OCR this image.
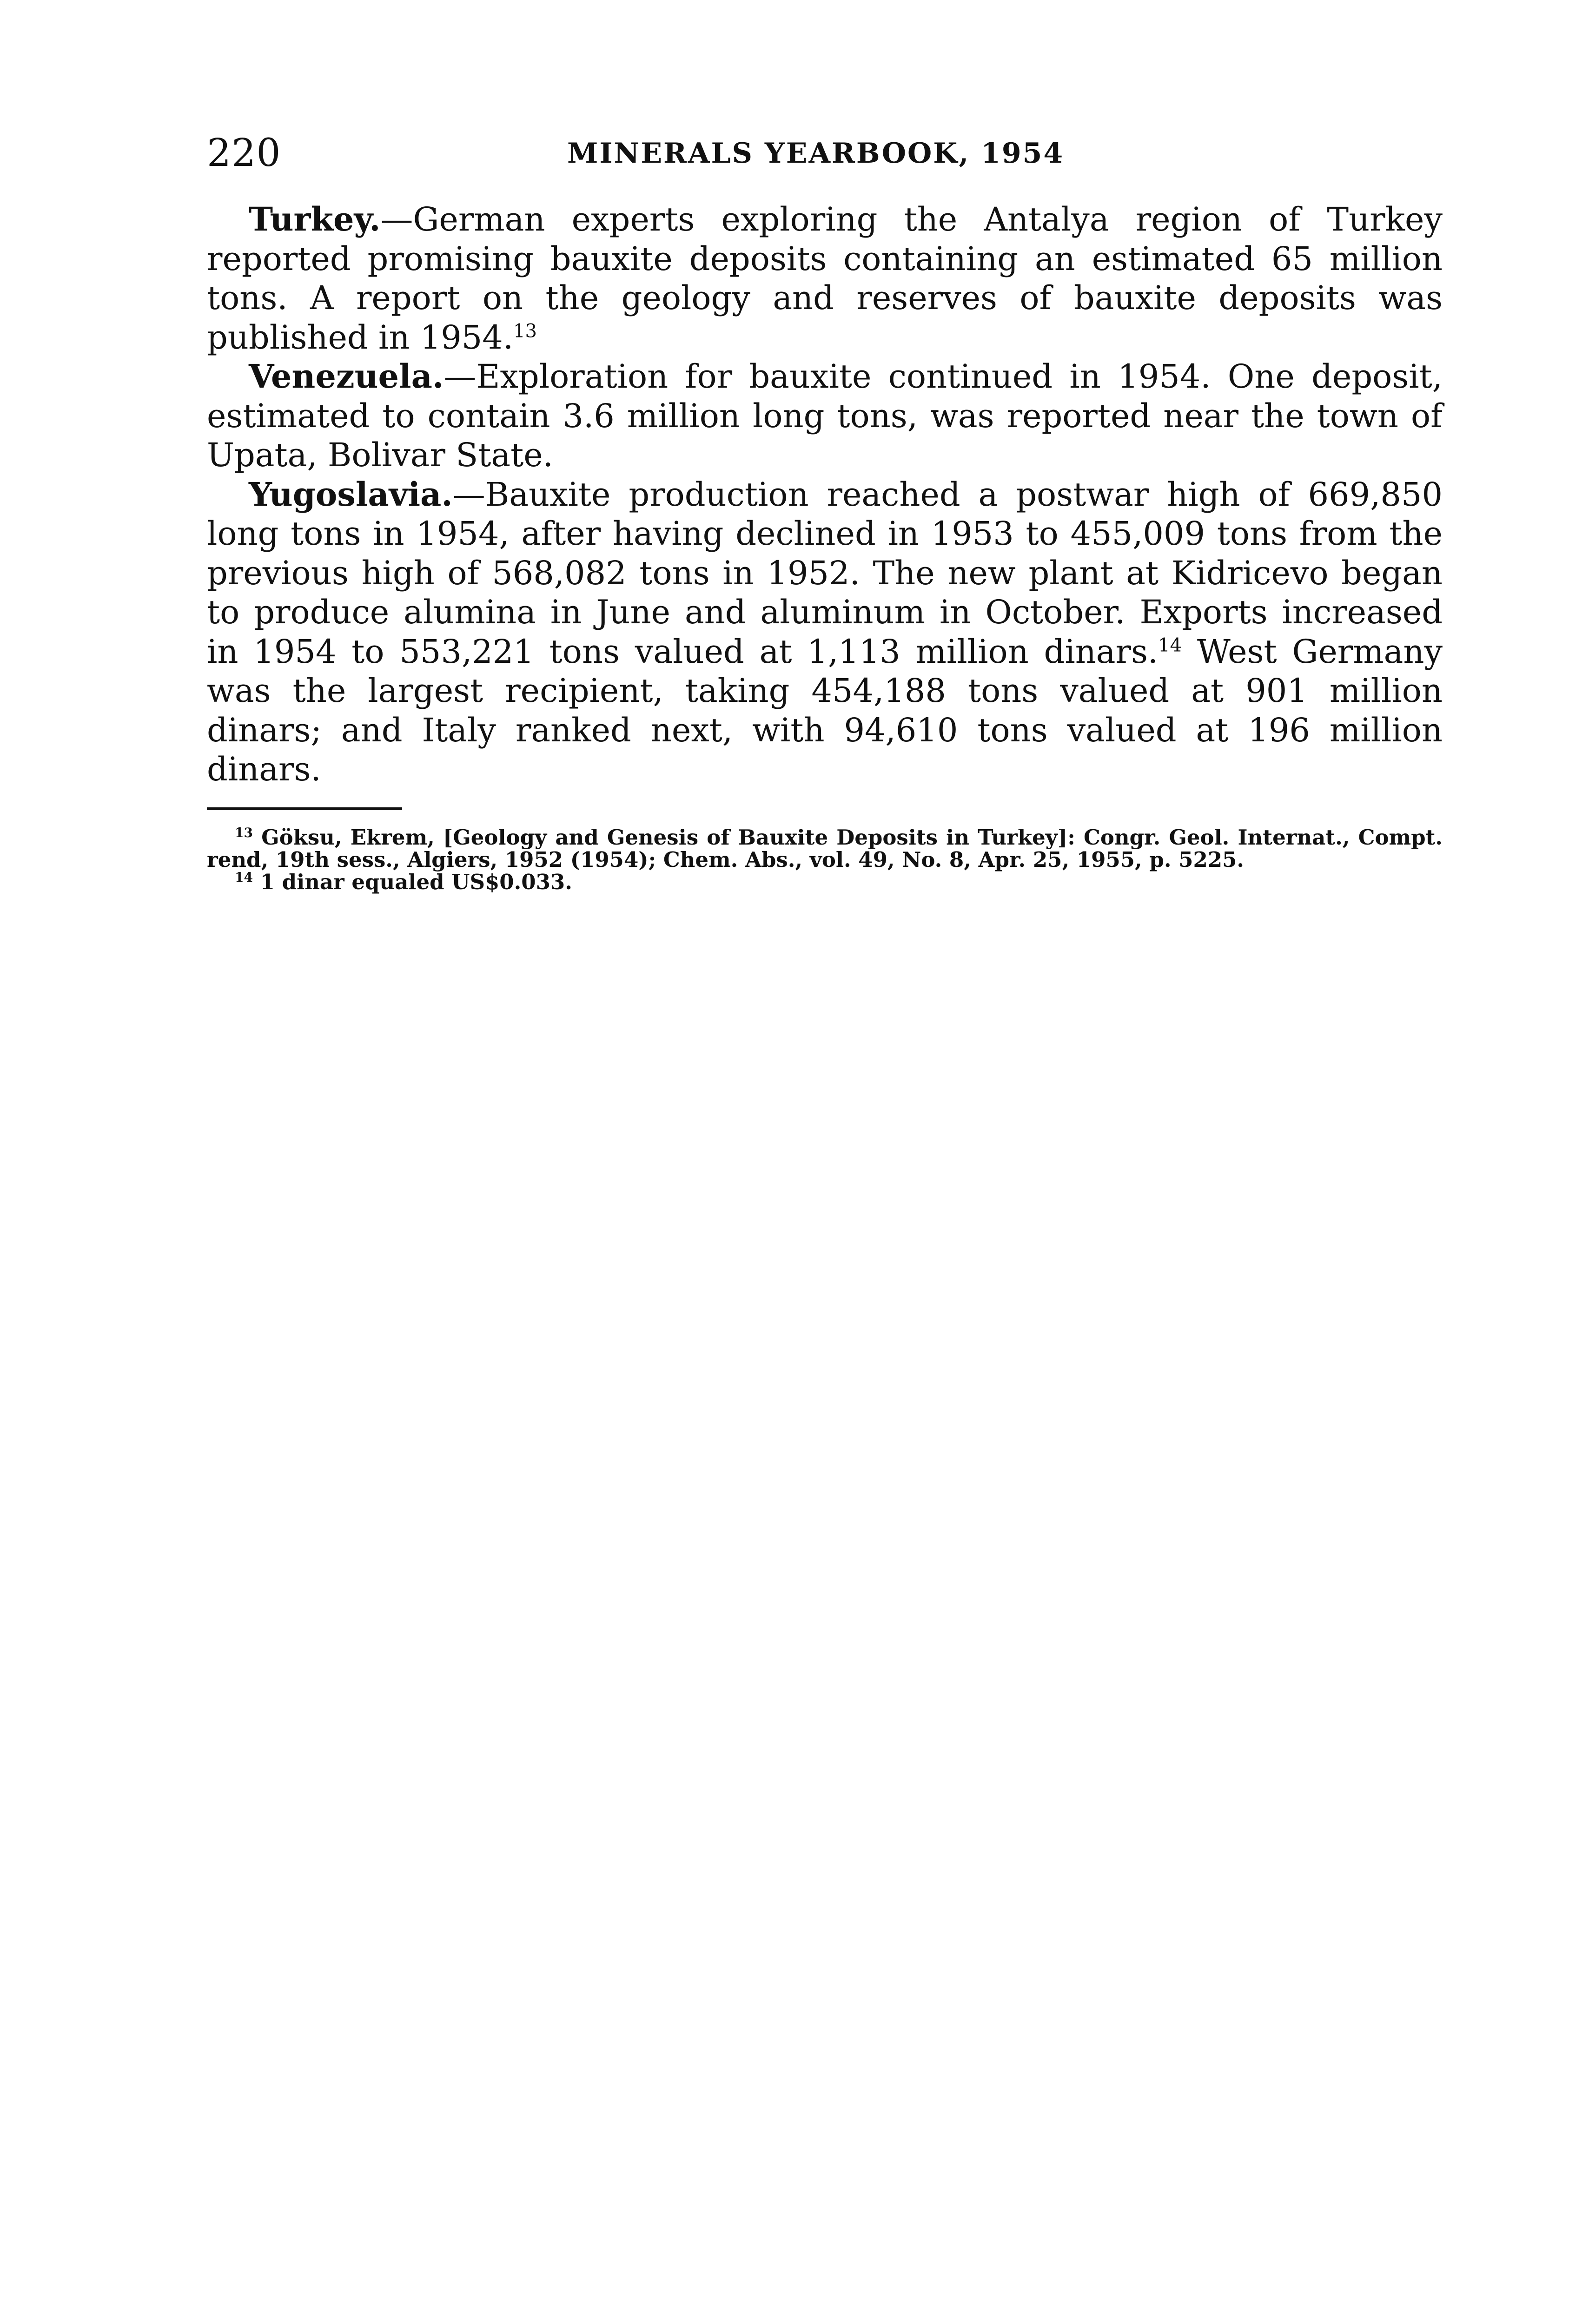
220	MINERALS YEARBOOK, 1954

Turkey.—German experts exploring the Antalya region of Turkey reported promising bauxite deposits containing an estimated 65 million tons. A report on the geology and reserves of bauxite deposits was published in 1954.13

Venezuela.—Exploration for bauxite continued in 1954. One deposit, estimated to contain 3.6 million long tons, was reported near the town of Upata, Bolivar State.

Yugoslavia.—Bauxite production reached a postwar high of 669,850 long tons in 1954, after having declined in 1953 to 455,009 tons from the previous high of 568,082 tons in 1952. The new plant at Kidricevo began to produce alumina in June and aluminum in October. Exports increased in 1954 to 553,221 tons valued at 1,113 million dinars.$^{14}$ West Germany was the largest recipient, taking 454,188 tons valued at 901 million dinars; and Italy ranked next, with 94,610 tons valued at 196 million dinars.

$^{13}$ Göksu, Ekrem, [Geology and Genesis of Bauxite Deposits in Turkey]: Congr. Geol. Internat., Compt. rend, 19th sess., Algiers, 1952 (1954); Chem. Abs., vol. 49, No. 8, Apr. 25, 1955, p. 5225.

$^{14}$ 1 dinar equaled US$0.033.
